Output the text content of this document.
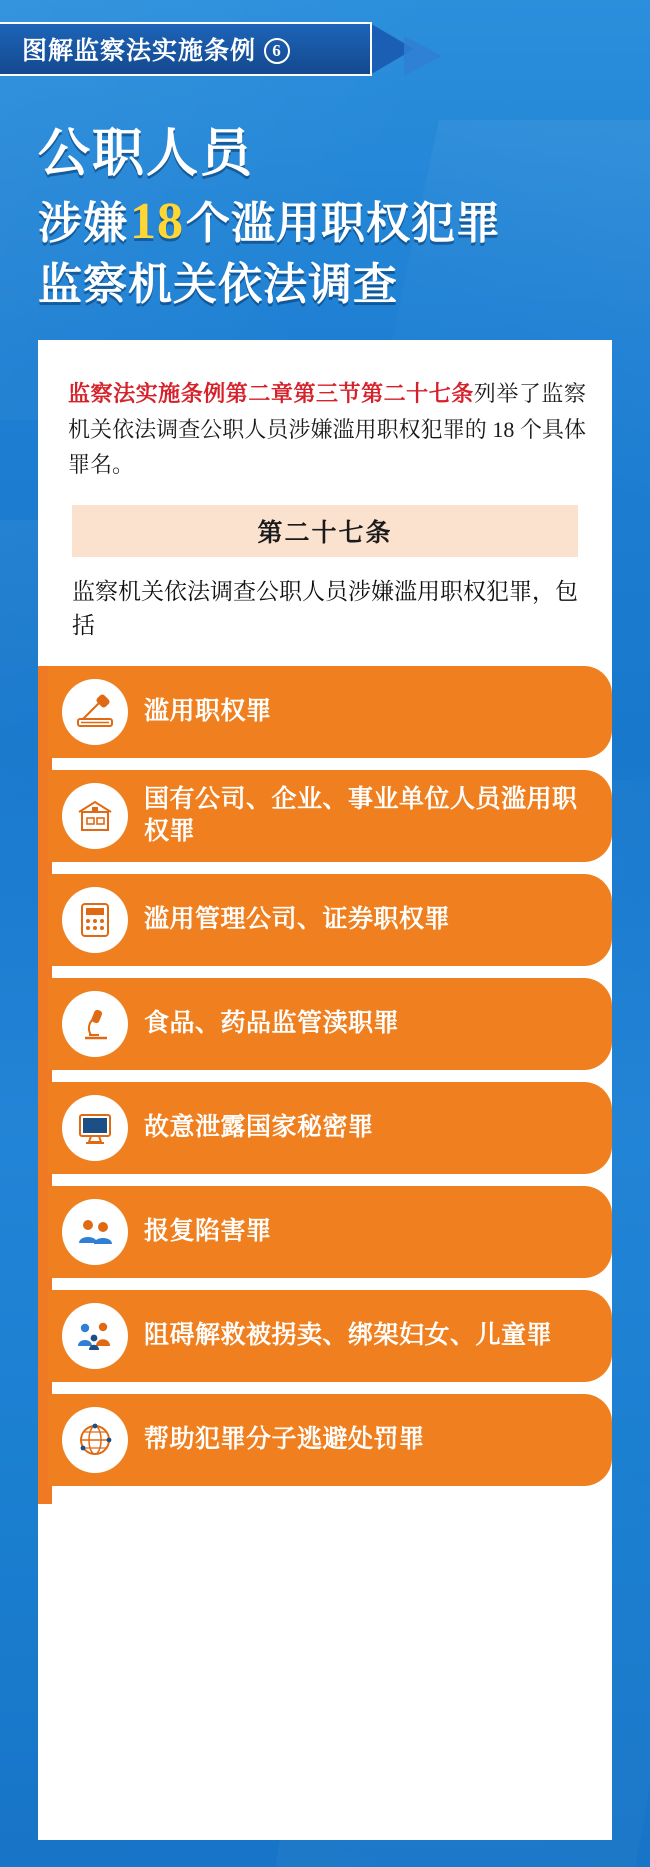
图解监察法实施条例 6
公职人员
涉嫌18个滥用职权犯罪
监察机关依法调查
监察法实施条例第二章第三节第二十七条列举了监察机关依法调查公职人员涉嫌滥用职权犯罪的 18 个具体罪名。
第二十七条
监察机关依法调查公职人员涉嫌滥用职权犯罪，包括
滥用职权罪
国有公司、企业、事业单位人员滥用职权罪
滥用管理公司、证券职权罪
食品、药品监管渎职罪
故意泄露国家秘密罪
报复陷害罪
阻碍解救被拐卖、绑架妇女、儿童罪
帮助犯罪分子逃避处罚罪
